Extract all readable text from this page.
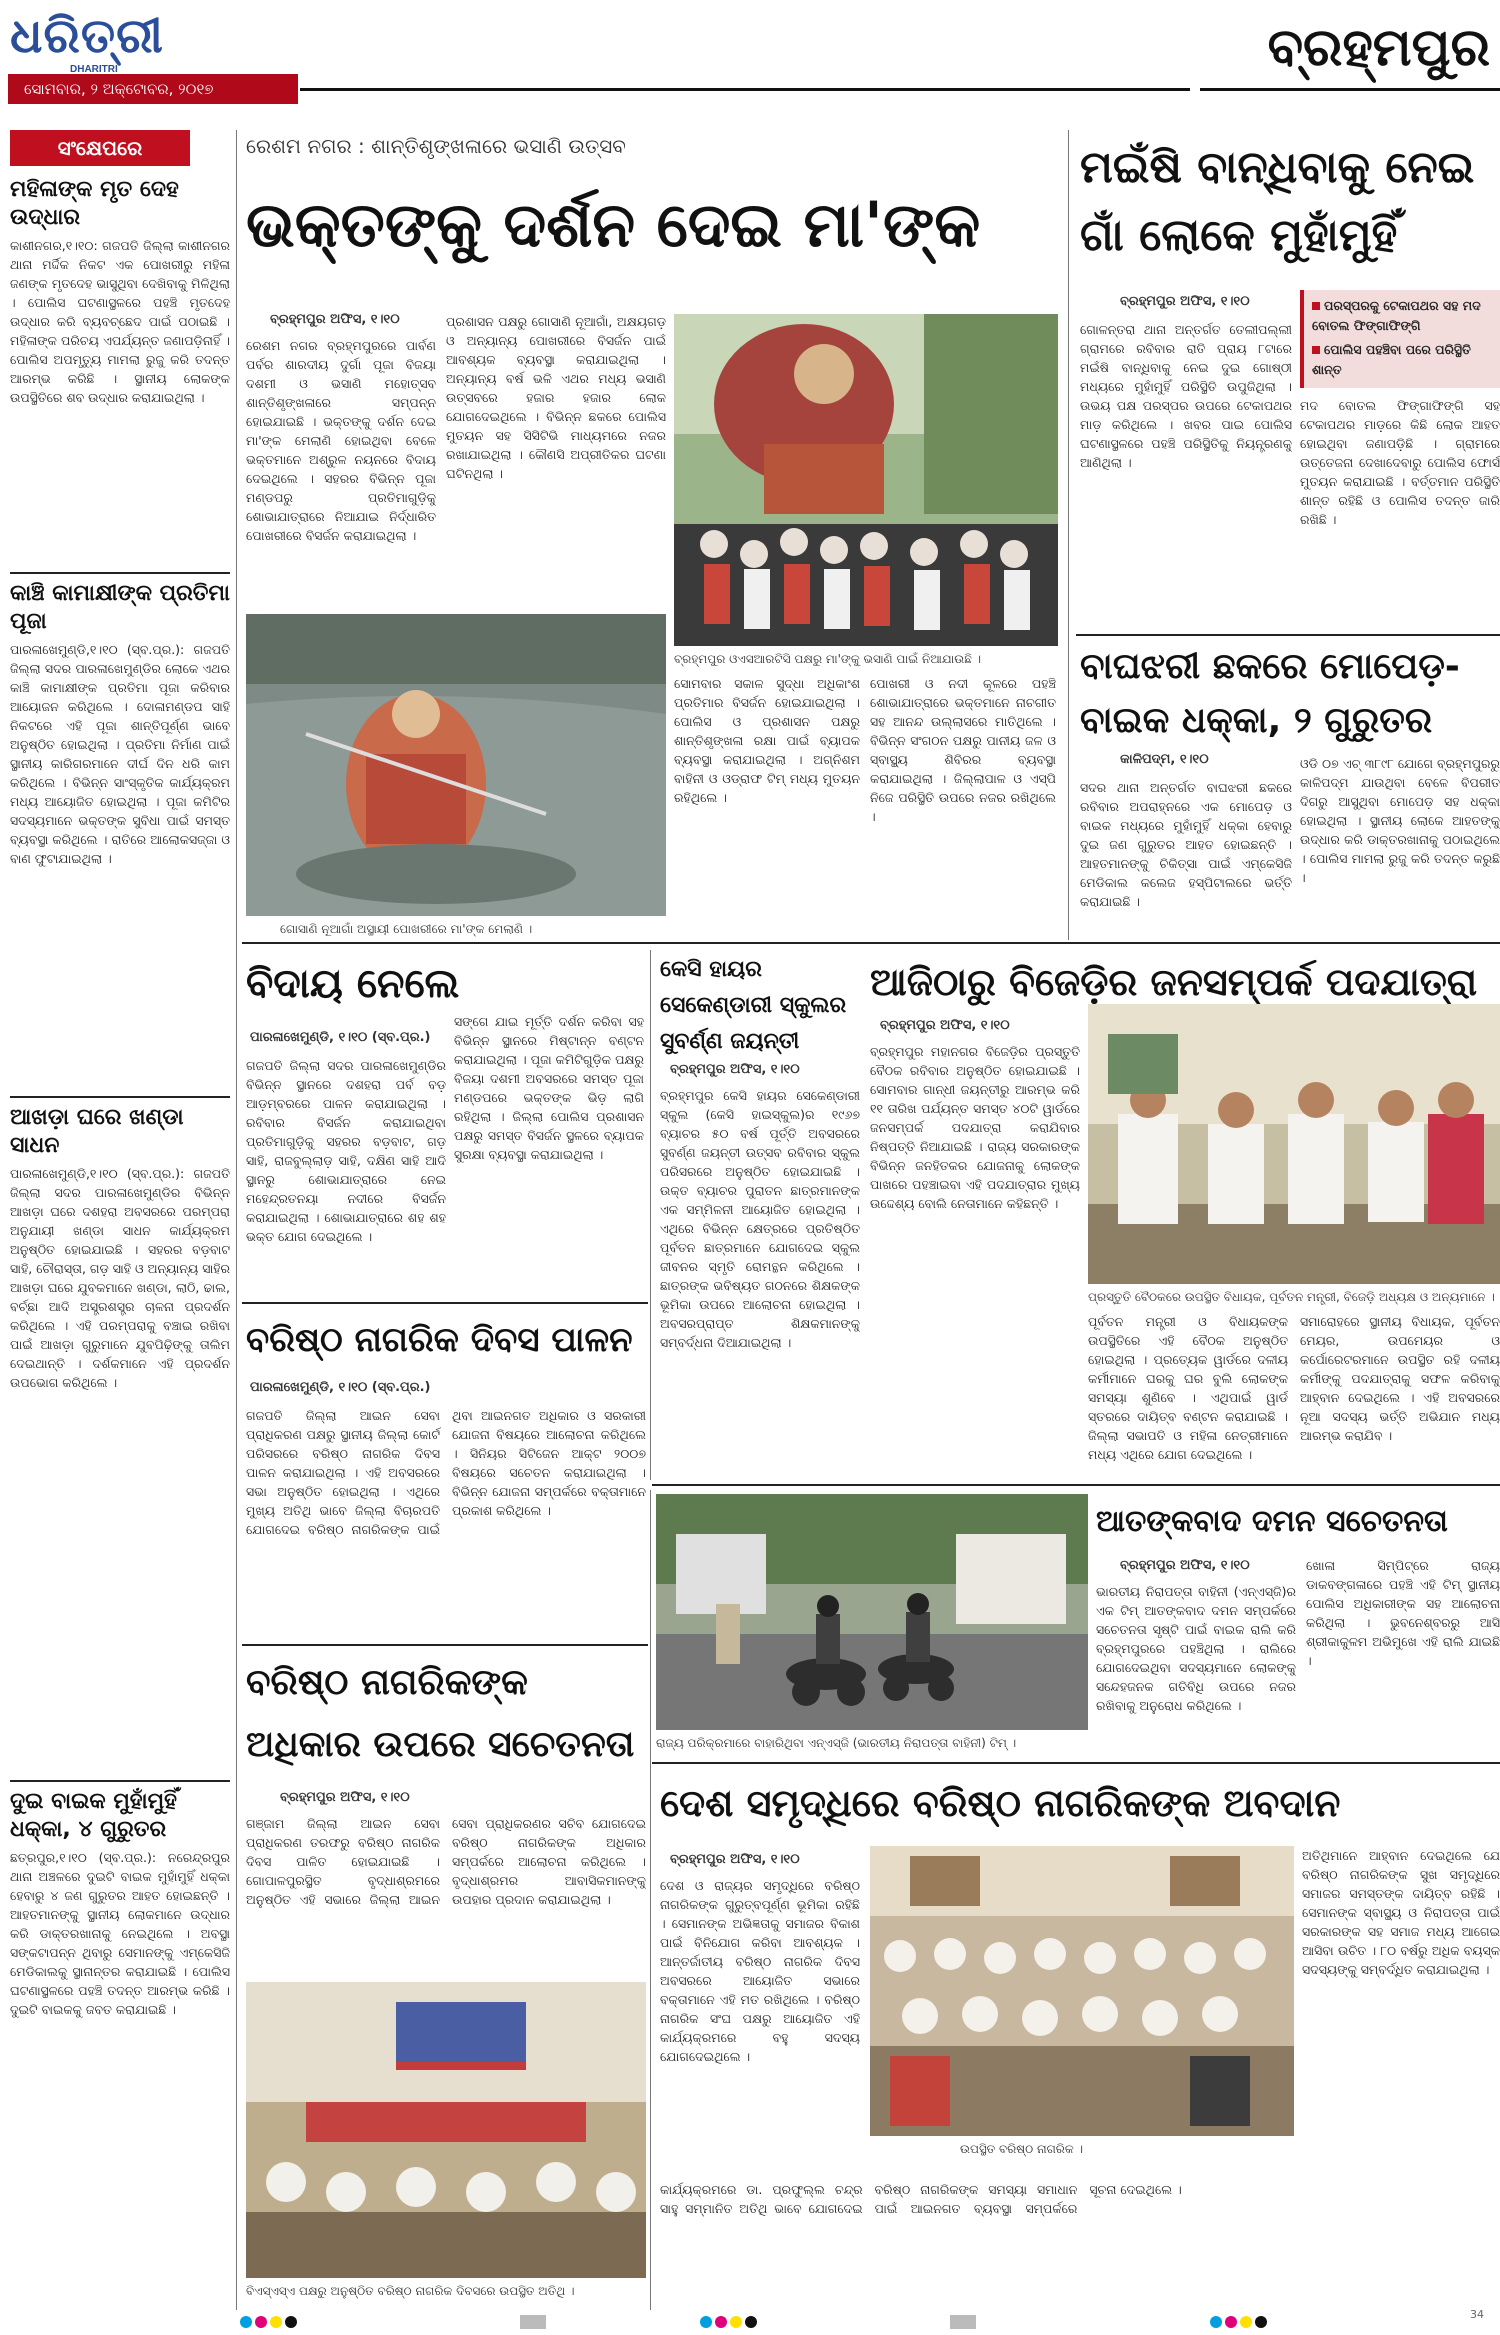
ଧରିତ୍ରୀ
DHARITRI
ସୋମବାର, ୨ ଅକ୍ଟୋବର, ୨୦୧୭
ବ୍ରହ୍ମପୁର
ସଂକ୍ଷେପରେ
ମହିଳାଙ୍କ ମୃତ ଦେହ ଉଦ୍ଧାର
କାଶୀନଗର,୧।୧୦: ଗଜପତି ଜିଲ୍ଲା କାଶୀନଗର ଥାନା ମର୍ଦ୍ଦିକ ନିକଟ ଏକ ପୋଖରୀରୁ ମହିଳା ଜଣଙ୍କ ମୃତଦେହ ଭାସୁଥିବା ଦେଖିବାକୁ ମିଳିଥିଲା । ପୋଲିସ ଘଟଣାସ୍ଥଳରେ ପହଞ୍ଚି ମୃତଦେହ ଉଦ୍ଧାର କରି ବ୍ୟବଚ୍ଛେଦ ପାଇଁ ପଠାଇଛି । ମହିଳାଙ୍କ ପରିଚୟ ଏପର୍ଯ୍ୟନ୍ତ ଜଣାପଡ଼ିନାହିଁ । ପୋଲିସ ଅପମୃତ୍ୟୁ ମାମଲା ରୁଜୁ କରି ତଦନ୍ତ ଆରମ୍ଭ କରିଛି । ସ୍ଥାନୀୟ ଲୋକଙ୍କ ଉପସ୍ଥିତିରେ ଶବ ଉଦ୍ଧାର କରାଯାଇଥିଲା ।
କାଞ୍ଚି କାମାକ୍ଷୀଙ୍କ ପ୍ରତିମା ପୂଜା
ପାରଳାଖେମୁଣ୍ଡି,୧।୧୦ (ସ୍ବ.ପ୍ର.): ଗଜପତି ଜିଲ୍ଲା ସଦର ପାରଳାଖେମୁଣ୍ଡିର ଲୋକେ ଏଥର କାଞ୍ଚି କାମାକ୍ଷୀଙ୍କ ପ୍ରତିମା ପୂଜା କରିବାର ଆୟୋଜନ କରିଥିଲେ । ଦୋଳାମଣ୍ଡପ ସାହି ନିକଟରେ ଏହି ପୂଜା ଶାନ୍ତିପୂର୍ଣ୍ଣ ଭାବେ ଅନୁଷ୍ଠିତ ହୋଇଥିଲା । ପ୍ରତିମା ନିର୍ମାଣ ପାଇଁ ସ୍ଥାନୀୟ କାରିଗରମାନେ ଦୀର୍ଘ ଦିନ ଧରି କାମ କରିଥିଲେ । ବିଭିନ୍ନ ସାଂସ୍କୃତିକ କାର୍ଯ୍ୟକ୍ରମ ମଧ୍ୟ ଆୟୋଜିତ ହୋଇଥିଲା । ପୂଜା କମିଟିର ସଦସ୍ୟମାନେ ଭକ୍ତଙ୍କ ସୁବିଧା ପାଇଁ ସମସ୍ତ ବ୍ୟବସ୍ଥା କରିଥିଲେ । ରାତିରେ ଆଲୋକସଜ୍ଜା ଓ ବାଣ ଫୁଟାଯାଇଥିଲା ।
ଆଖଡ଼ା ଘରେ ଖଣ୍ଡା ସାଧନ
ପାରଳାଖେମୁଣ୍ଡି,୧।୧୦ (ସ୍ବ.ପ୍ର.): ଗଜପତି ଜିଲ୍ଲା ସଦର ପାରଳାଖେମୁଣ୍ଡିର ବିଭିନ୍ନ ଆଖଡ଼ା ଘରେ ଦଶହରା ଅବସରରେ ପରମ୍ପରା ଅନୁଯାୟୀ ଖଣ୍ଡା ସାଧନ କାର୍ଯ୍ୟକ୍ରମ ଅନୁଷ୍ଠିତ ହୋଇଯାଇଛି । ସହରର ବଡ଼ବାଟ ସାହି, ଚୌରାସ୍ତା, ଗଡ଼ ସାହି ଓ ଅନ୍ୟାନ୍ୟ ସାହିର ଆଖଡ଼ା ଘରେ ଯୁବକମାନେ ଖଣ୍ଡା, ଲାଠି, ଢାଲ, ବର୍ଚ୍ଛା ଆଦି ଅସ୍ତ୍ରଶସ୍ତ୍ର ଚାଳନା ପ୍ରଦର୍ଶନ କରିଥିଲେ । ଏହି ପରମ୍ପରାକୁ ବଞ୍ଚାଇ ରଖିବା ପାଇଁ ଆଖଡ଼ା ଗୁରୁମାନେ ଯୁବପିଢ଼ିଙ୍କୁ ତାଲିମ ଦେଇଥାନ୍ତି । ଦର୍ଶକମାନେ ଏହି ପ୍ରଦର୍ଶନ ଉପଭୋଗ କରିଥିଲେ ।
ଦୁଇ ବାଇକ ମୁହାଁମୁହିଁ ଧକ୍କା, ୪ ଗୁରୁତର
ଛତ୍ରପୁର,୧।୧୦ (ସ୍ବ.ପ୍ର.): ନରେନ୍ଦ୍ରପୁର ଥାନା ଅଞ୍ଚଳରେ ଦୁଇଟି ବାଇକ ମୁହାଁମୁହିଁ ଧକ୍କା ହେବାରୁ ୪ ଜଣ ଗୁରୁତର ଆହତ ହୋଇଛନ୍ତି । ଆହତମାନଙ୍କୁ ସ୍ଥାନୀୟ ଲୋକମାନେ ଉଦ୍ଧାର କରି ଡାକ୍ତରଖାନାକୁ ନେଇଥିଲେ । ଅବସ୍ଥା ସଙ୍କଟାପନ୍ନ ଥିବାରୁ ସେମାନଙ୍କୁ ଏମ୍‌କେସିଜି ମେଡିକାଲକୁ ସ୍ଥାନାନ୍ତର କରାଯାଇଛି । ପୋଲିସ ଘଟଣାସ୍ଥଳରେ ପହଞ୍ଚି ତଦନ୍ତ ଆରମ୍ଭ କରିଛି । ଦୁଇଟି ବାଇକକୁ ଜବତ କରାଯାଇଛି ।
ରେଶମ ନଗର : ଶାନ୍ତିଶୃଙ୍ଖଳାରେ ଭସାଣି ଉତ୍ସବ
ଭକ୍ତଙ୍କୁ ଦର୍ଶନ ଦେଇ ମା'ଙ୍କ
ବ୍ରହ୍ମପୁର ଅଫିସ, ୧।୧୦
ରେଶମ ନଗର ବ୍ରହ୍ମପୁରରେ ପାର୍ବଣ ପର୍ବର ଶାରଦୀୟ ଦୁର୍ଗା ପୂଜା ବିଜୟା ଦଶମୀ ଓ ଭସାଣି ମହୋତ୍ସବ ଶାନ୍ତିଶୃଙ୍ଖଳାରେ ସମ୍ପନ୍ନ ହୋଇଯାଇଛି । ଭକ୍ତଙ୍କୁ ଦର୍ଶନ ଦେଇ ମା'ଙ୍କ ମେଲାଣି ହୋଇଥିବା ବେଳେ ଭକ୍ତମାନେ ଅଶ୍ରୁଳ ନୟନରେ ବିଦାୟ ଦେଇଥିଲେ । ସହରର ବିଭିନ୍ନ ପୂଜା ମଣ୍ଡପରୁ ପ୍ରତିମାଗୁଡ଼ିକୁ ଶୋଭାଯାତ୍ରାରେ ନିଆଯାଇ ନିର୍ଦ୍ଧାରିତ ପୋଖରୀରେ ବିସର୍ଜନ କରାଯାଇଥିଲା ।
ପ୍ରଶାସନ ପକ୍ଷରୁ ଗୋସାଣି ନୂଆଗାଁ, ଅକ୍ଷୟଗଡ଼ ଓ ଅନ୍ୟାନ୍ୟ ପୋଖରୀରେ ବିସର୍ଜନ ପାଇଁ ଆବଶ୍ୟକ ବ୍ୟବସ୍ଥା କରାଯାଇଥିଲା । ଅନ୍ୟାନ୍ୟ ବର୍ଷ ଭଳି ଏଥର ମଧ୍ୟ ଭସାଣି ଉତ୍ସବରେ ହଜାର ହଜାର ଲୋକ ଯୋଗଦେଇଥିଲେ । ବିଭିନ୍ନ ଛକରେ ପୋଲିସ ମୁତୟନ ସହ ସିସିଟିଭି ମାଧ୍ୟମରେ ନଜର ରଖାଯାଇଥିଲା । କୌଣସି ଅପ୍ରୀତିକର ଘଟଣା ଘଟିନଥିଲା ।
ବ୍ରହ୍ମପୁର ଓଏସଆରଟିସି ପକ୍ଷରୁ ମା'ଙ୍କୁ ଭସାଣି ପାଇଁ ନିଆଯାଉଛି ।
ଗୋସାଣି ନୂଆଗାଁ ଅସ୍ଥାୟୀ ପୋଖରୀରେ ମା'ଙ୍କ ମେଲାଣି ।
ସୋମବାର ସକାଳ ସୁଦ୍ଧା ଅଧିକାଂଶ ପ୍ରତିମାର ବିସର୍ଜନ ହୋଇଯାଇଥିଲା । ପୋଲିସ ଓ ପ୍ରଶାସନ ପକ୍ଷରୁ ଶାନ୍ତିଶୃଙ୍ଖଳା ରକ୍ଷା ପାଇଁ ବ୍ୟାପକ ବ୍ୟବସ୍ଥା କରାଯାଇଥିଲା । ଅଗ୍ନିଶମ ବାହିନୀ ଓ ଓଡ୍ରାଫ ଟିମ୍ ମଧ୍ୟ ମୁତୟନ ରହିଥିଲେ ।
ପୋଖରୀ ଓ ନଦୀ କୂଳରେ ପହଞ୍ଚି ଶୋଭାଯାତ୍ରାରେ ଭକ୍ତମାନେ ନାଚଗୀତ ସହ ଆନନ୍ଦ ଉଲ୍ଲାସରେ ମାତିଥିଲେ । ବିଭିନ୍ନ ସଂଗଠନ ପକ୍ଷରୁ ପାନୀୟ ଜଳ ଓ ସ୍ବାସ୍ଥ୍ୟ ଶିବିରର ବ୍ୟବସ୍ଥା କରାଯାଇଥିଲା । ଜିଲ୍ଲାପାଳ ଓ ଏସ୍‌ପି ନିଜେ ପରିସ୍ଥିତି ଉପରେ ନଜର ରଖିଥିଲେ ।
ମଇଁଷି ବାନ୍ଧିବାକୁ ନେଇ ଗାଁ ଲୋକେ ମୁହାଁମୁହିଁ
ବ୍ରହ୍ମପୁର ଅଫିସ, ୧।୧୦	ପରସ୍ପରକୁ ଟେକାପଥର ସହ ମଦ ବୋତଲ ଫିଙ୍ଗାଫିଙ୍ଗି

ପୋଲିସ ପହଞ୍ଚିବା ପରେ ପରିସ୍ଥିତି ଶାନ୍ତ

ଗୋଳନ୍ତରା ଥାନା ଅନ୍ତର୍ଗତ ତେଲୀପଲ୍ଲୀ ଗ୍ରାମରେ ରବିବାର ରାତି ପ୍ରାୟ ୮ଟାରେ ମଇଁଷି ବାନ୍ଧିବାକୁ ନେଇ ଦୁଇ ଗୋଷ୍ଠୀ ମଧ୍ୟରେ ମୁହାଁମୁହିଁ ପରିସ୍ଥିତି ଉପୁଜିଥିଲା । ଉଭୟ ପକ୍ଷ ପରସ୍ପର ଉପରେ ଟେକାପଥର ମାଡ଼ କରିଥିଲେ । ଖବର ପାଇ ପୋଲିସ ଘଟଣାସ୍ଥଳରେ ପହଞ୍ଚି ପରିସ୍ଥିତିକୁ ନିୟନ୍ତ୍ରଣକୁ ଆଣିଥିଲା ।
ମଦ ବୋତଲ ଫିଙ୍ଗାଫିଙ୍ଗି ସହ ଟେକାପଥର ମାଡ଼ରେ କିଛି ଲୋକ ଆହତ ହୋଇଥିବା ଜଣାପଡ଼ିଛି । ଗ୍ରାମରେ ଉତ୍ତେଜନା ଦେଖାଦେବାରୁ ପୋଲିସ ଫୋର୍ସ ମୁତୟନ କରାଯାଇଛି । ବର୍ତ୍ତମାନ ପରିସ୍ଥିତି ଶାନ୍ତ ରହିଛି ଓ ପୋଲିସ ତଦନ୍ତ ଜାରି ରଖିଛି ।
ବାଘଝରୀ ଛକରେ ମୋପେଡ଼-ବାଇକ ଧକ୍କା, ୨ ଗୁରୁତର
କାଳିପଦ୍ମ, ୧।୧୦
ସଦର ଥାନା ଅନ୍ତର୍ଗତ ବାଘଝରୀ ଛକରେ ରବିବାର ଅପରାହ୍ନରେ ଏକ ମୋପେଡ଼ ଓ ବାଇକ ମଧ୍ୟରେ ମୁହାଁମୁହିଁ ଧକ୍କା ହେବାରୁ ଦୁଇ ଜଣ ଗୁରୁତର ଆହତ ହୋଇଛନ୍ତି । ଆହତମାନଙ୍କୁ ଚିକିତ୍ସା ପାଇଁ ଏମ୍‌କେସିଜି ମେଡିକାଲ କଲେଜ ହସ୍ପିଟାଲରେ ଭର୍ତ୍ତି କରାଯାଇଛି ।
ଓଡି ୦୭ ଏଚ୍ ୩୮୯୮ ଯୋଗେ ବ୍ରହ୍ମପୁରରୁ କାଳିପଦ୍ମ ଯାଉଥିବା ବେଳେ ବିପରୀତ ଦିଗରୁ ଆସୁଥିବା ମୋପେଡ଼ ସହ ଧକ୍କା ହୋଇଥିଲା । ସ୍ଥାନୀୟ ଲୋକେ ଆହତଙ୍କୁ ଉଦ୍ଧାର କରି ଡାକ୍ତରଖାନାକୁ ପଠାଇଥିଲେ । ପୋଲିସ ମାମଲା ରୁଜୁ କରି ତଦନ୍ତ କରୁଛି ।
ବିଦାୟ ନେଲେ
ପାରଳାଖେମୁଣ୍ଡି, ୧।୧୦ (ସ୍ବ.ପ୍ର.)
ଗଜପତି ଜିଲ୍ଲା ସଦର ପାରଳାଖେମୁଣ୍ଡିର ବିଭିନ୍ନ ସ୍ଥାନରେ ଦଶହରା ପର୍ବ ବଡ଼ ଆଡ଼ମ୍ବରରେ ପାଳନ କରାଯାଇଥିଲା । ରବିବାର ବିସର୍ଜନ କରାଯାଇଥିବା ପ୍ରତିମାଗୁଡ଼ିକୁ ସହରର ବଡ଼ବାଟ, ଗଡ଼ ସାହି, ରାଜବୁଲ୍ଲାଡ଼ ସାହି, ଦକ୍ଷିଣ ସାହି ଆଦି ସ୍ଥାନରୁ ଶୋଭାଯାତ୍ରାରେ ନେଇ ମହେନ୍ଦ୍ରତନୟା ନଦୀରେ ବିସର୍ଜନ କରାଯାଇଥିଲା । ଶୋଭାଯାତ୍ରାରେ ଶହ ଶହ ଭକ୍ତ ଯୋଗ ଦେଇଥିଲେ ।
ସଙ୍ଗେ ଯାଇ ମୂର୍ତ୍ତି ଦର୍ଶନ କରିବା ସହ ବିଭିନ୍ନ ସ୍ଥାନରେ ମିଷ୍ଟାନ୍ନ ବଣ୍ଟନ କରାଯାଇଥିଲା । ପୂଜା କମିଟିଗୁଡ଼ିକ ପକ୍ଷରୁ ବିଜୟା ଦଶମୀ ଅବସରରେ ସମସ୍ତ ପୂଜା ମଣ୍ଡପରେ ଭକ୍ତଙ୍କ ଭିଡ଼ ଲାଗି ରହିଥିଲା । ଜିଲ୍ଲା ପୋଲିସ ପ୍ରଶାସନ ପକ୍ଷରୁ ସମସ୍ତ ବିସର୍ଜନ ସ୍ଥଳରେ ବ୍ୟାପକ ସୁରକ୍ଷା ବ୍ୟବସ୍ଥା କରାଯାଇଥିଲା ।
କେସି ହାୟର ସେକେଣ୍ଡାରୀ ସ୍କୁଲର ସୁବର୍ଣ୍ଣ ଜୟନ୍ତୀ
ବ୍ରହ୍ମପୁର ଅଫିସ, ୧।୧୦
ବ୍ରହ୍ମପୁର କେସି ହାୟର ସେକେଣ୍ଡାରୀ ସ୍କୁଲ (କେସି ହାଇସ୍କୁଲ)ର ୧୯୬୭ ବ୍ୟାଚର ୫୦ ବର୍ଷ ପୂର୍ତ୍ତି ଅବସରରେ ସୁବର୍ଣ୍ଣ ଜୟନ୍ତୀ ଉତ୍ସବ ରବିବାର ସ୍କୁଲ ପରିସରରେ ଅନୁଷ୍ଠିତ ହୋଇଯାଇଛି । ଉକ୍ତ ବ୍ୟାଚର ପୁରାତନ ଛାତ୍ରମାନଙ୍କ ଏକ ସମ୍ମିଳନୀ ଆୟୋଜିତ ହୋଇଥିଲା । ଏଥିରେ ବିଭିନ୍ନ କ୍ଷେତ୍ରରେ ପ୍ରତିଷ୍ଠିତ ପୂର୍ବତନ ଛାତ୍ରମାନେ ଯୋଗଦେଇ ସ୍କୁଲ ଜୀବନର ସ୍ମୃତି ରୋମନ୍ଥନ କରିଥିଲେ । ଛାତ୍ରଙ୍କ ଭବିଷ୍ୟତ ଗଠନରେ ଶିକ୍ଷକଙ୍କ ଭୂମିକା ଉପରେ ଆଲୋଚନା ହୋଇଥିଲା । ଅବସରପ୍ରାପ୍ତ ଶିକ୍ଷକମାନଙ୍କୁ ସମ୍ବର୍ଦ୍ଧନା ଦିଆଯାଇଥିଲା ।
ଆଜିଠାରୁ ବିଜେଡ଼ିର ଜନସମ୍ପର୍କ ପଦଯାତ୍ରା
ବ୍ରହ୍ମପୁର ଅଫିସ, ୧।୧୦
ବ୍ରହ୍ମପୁର ମହାନଗର ବିଜେଡ଼ିର ପ୍ରସ୍ତୁତି ବୈଠକ ରବିବାର ଅନୁଷ୍ଠିତ ହୋଇଯାଇଛି । ସୋମବାର ଗାନ୍ଧୀ ଜୟନ୍ତୀରୁ ଆରମ୍ଭ କରି ୧୧ ତାରିଖ ପର୍ଯ୍ୟନ୍ତ ସମସ୍ତ ୪୦ଟି ୱାର୍ଡରେ ଜନସମ୍ପର୍କ ପଦଯାତ୍ରା କରାଯିବାର ନିଷ୍ପତ୍ତି ନିଆଯାଇଛି । ରାଜ୍ୟ ସରକାରଙ୍କ ବିଭିନ୍ନ ଜନହିତକର ଯୋଜନାକୁ ଲୋକଙ୍କ ପାଖରେ ପହଞ୍ଚାଇବା ଏହି ପଦଯାତ୍ରାର ମୁଖ୍ୟ ଉଦ୍ଦେଶ୍ୟ ବୋଲି ନେତାମାନେ କହିଛନ୍ତି ।
ପ୍ରସ୍ତୁତି ବୈଠକରେ ଉପସ୍ଥିତ ବିଧାୟକ, ପୂର୍ବତନ ମନ୍ତ୍ରୀ, ବିଜେଡ଼ି ଅଧ୍ୟକ୍ଷ ଓ ଅନ୍ୟମାନେ ।
ପୂର୍ବତନ ମନ୍ତ୍ରୀ ଓ ବିଧାୟକଙ୍କ ଉପସ୍ଥିତିରେ ଏହି ବୈଠକ ଅନୁଷ୍ଠିତ ହୋଇଥିଲା । ପ୍ରତ୍ୟେକ ୱାର୍ଡରେ ଦଳୀୟ କର୍ମୀମାନେ ଘରକୁ ଘର ବୁଲି ଲୋକଙ୍କ ସମସ୍ୟା ଶୁଣିବେ । ଏଥିପାଇଁ ୱାର୍ଡ ସ୍ତରରେ ଦାୟିତ୍ବ ବଣ୍ଟନ କରାଯାଇଛି । ଜିଲ୍ଲା ସଭାପତି ଓ ମହିଳା ନେତ୍ରୀମାନେ ମଧ୍ୟ ଏଥିରେ ଯୋଗ ଦେଇଥିଲେ ।
ସମାରୋହରେ ସ୍ଥାନୀୟ ବିଧାୟକ, ପୂର୍ବତନ ମେୟର, ଉପମେୟର ଓ କର୍ପୋରେଟରମାନେ ଉପସ୍ଥିତ ରହି ଦଳୀୟ କର୍ମୀଙ୍କୁ ପଦଯାତ୍ରାକୁ ସଫଳ କରିବାକୁ ଆହ୍ବାନ ଦେଇଥିଲେ । ଏହି ଅବସରରେ ନୂଆ ସଦସ୍ୟ ଭର୍ତ୍ତି ଅଭିଯାନ ମଧ୍ୟ ଆରମ୍ଭ କରାଯିବ ।
ବରିଷ୍ଠ ନାଗରିକ ଦିବସ ପାଳନ
ପାରଳାଖେମୁଣ୍ଡି, ୧।୧୦ (ସ୍ବ.ପ୍ର.)
ଗଜପତି ଜିଲ୍ଲା ଆଇନ ସେବା ପ୍ରାଧିକରଣ ପକ୍ଷରୁ ସ୍ଥାନୀୟ ଜିଲ୍ଲା କୋର୍ଟ ପରିସରରେ ବରିଷ୍ଠ ନାଗରିକ ଦିବସ ପାଳନ କରାଯାଇଥିଲା । ଏହି ଅବସରରେ ସଭା ଅନୁଷ୍ଠିତ ହୋଇଥିଲା । ଏଥିରେ ମୁଖ୍ୟ ଅତିଥି ଭାବେ ଜିଲ୍ଲା ବିଚାରପତି ଯୋଗଦେଇ ବରିଷ୍ଠ ନାଗରିକଙ୍କ ପାଇଁ ଥିବା ଆଇନଗତ ଅଧିକାର ଓ ସରକାରୀ ଯୋଜନା ବିଷୟରେ ଆଲୋଚନା କରିଥିଲେ । ସିନିୟର ସିଟିଜେନ ଆକ୍ଟ ୨୦୦୭ ବିଷୟରେ ସଚେତନ କରାଯାଇଥିଲା । ବିଭିନ୍ନ ଯୋଜନା ସମ୍ପର୍କରେ ବକ୍ତାମାନେ ପ୍ରକାଶ କରିଥିଲେ ।
ରାଜ୍ୟ ପରିକ୍ରମାରେ ବାହାରିଥିବା ଏନ୍‌ଏସ୍‌ଜି (ଭାରତୀୟ ନିରାପତ୍ତା ବାହିନୀ) ଟିମ୍ ।
ଆତଙ୍କବାଦ ଦମନ ସଚେତନତା
ବ୍ରହ୍ମପୁର ଅଫିସ, ୧।୧୦
ଭାରତୀୟ ନିରାପତ୍ତା ବାହିନୀ (ଏନ୍‌ଏସ୍‌ଜି)ର ଏକ ଟିମ୍ ଆତଙ୍କବାଦ ଦମନ ସମ୍ପର୍କରେ ସଚେତନତା ସୃଷ୍ଟି ପାଇଁ ବାଇକ ରାଲି କରି ବ୍ରହ୍ମପୁରରେ ପହଞ୍ଚିଥିଲା । ରାଲିରେ ଯୋଗଦେଇଥିବା ସଦସ୍ୟମାନେ ଲୋକଙ୍କୁ ସନ୍ଦେହଜନକ ଗତିବିଧି ଉପରେ ନଜର ରଖିବାକୁ ଅନୁରୋଧ କରିଥିଲେ ।
ଖୋଳା ସିମ୍ପିଟ୍ରେ ରାଜ୍ୟ ଡାକବଙ୍ଗଳାରେ ପହଞ୍ଚି ଏହି ଟିମ୍ ସ୍ଥାନୀୟ ପୋଲିସ ଅଧିକାରୀଙ୍କ ସହ ଆଲୋଚନା କରିଥିଲା । ଭୁବନେଶ୍ବରରୁ ଆସି ଶ୍ରୀକାକୁଳମ ଅଭିମୁଖେ ଏହି ରାଲି ଯାଇଛି ।
ବରିଷ୍ଠ ନାଗରିକଙ୍କ ଅଧିକାର ଉପରେ ସଚେତନତା
ବ୍ରହ୍ମପୁର ଅଫିସ, ୧।୧୦
ଗଞ୍ଜାମ ଜିଲ୍ଲା ଆଇନ ସେବା ପ୍ରାଧିକରଣ ତରଫରୁ ବରିଷ୍ଠ ନାଗରିକ ଦିବସ ପାଳିତ ହୋଇଯାଇଛି । ଗୋପାଳପୁରସ୍ଥିତ ବୃଦ୍ଧାଶ୍ରମରେ ଅନୁଷ୍ଠିତ ଏହି ସଭାରେ ଜିଲ୍ଲା ଆଇନ ସେବା ପ୍ରାଧିକରଣର ସଚିବ ଯୋଗଦେଇ ବରିଷ୍ଠ ନାଗରିକଙ୍କ ଅଧିକାର ସମ୍ପର୍କରେ ଆଲୋଚନା କରିଥିଲେ । ବୃଦ୍ଧାଶ୍ରମର ଆବାସିକମାନଙ୍କୁ ଉପହାର ପ୍ରଦାନ କରାଯାଇଥିଲା ।
ବିଏସ୍‌ଏସ୍‌ଏ ପକ୍ଷରୁ ଅନୁଷ୍ଠିତ ବରିଷ୍ଠ ନାଗରିକ ଦିବସରେ ଉପସ୍ଥିତ ଅତିଥି ।
ଦେଶ ସମୃଦ୍ଧିରେ ବରିଷ୍ଠ ନାଗରିକଙ୍କ ଅବଦାନ
ବ୍ରହ୍ମପୁର ଅଫିସ, ୧।୧୦
ଦେଶ ଓ ରାଜ୍ୟର ସମୃଦ୍ଧିରେ ବରିଷ୍ଠ ନାଗରିକଙ୍କ ଗୁରୁତ୍ବପୂର୍ଣ୍ଣ ଭୂମିକା ରହିଛି । ସେମାନଙ୍କ ଅଭିଜ୍ଞତାକୁ ସମାଜର ବିକାଶ ପାଇଁ ବିନିଯୋଗ କରିବା ଆବଶ୍ୟକ । ଆନ୍ତର୍ଜାତୀୟ ବରିଷ୍ଠ ନାଗରିକ ଦିବସ ଅବସରରେ ଆୟୋଜିତ ସଭାରେ ବକ୍ତାମାନେ ଏହି ମତ ରଖିଥିଲେ । ବରିଷ୍ଠ ନାଗରିକ ସଂଘ ପକ୍ଷରୁ ଆୟୋଜିତ ଏହି କାର୍ଯ୍ୟକ୍ରମରେ ବହୁ ସଦସ୍ୟ ଯୋଗଦେଇଥିଲେ ।
ଉପସ୍ଥିତ ବରିଷ୍ଠ ନାଗରିକ ।
ଅତିଥିମାନେ ଆହ୍ବାନ ଦେଇଥିଲେ ଯେ ବରିଷ୍ଠ ନାଗରିକଙ୍କ ସୁଖ ସମୃଦ୍ଧିରେ ସମାଜର ସମସ୍ତଙ୍କ ଦାୟିତ୍ବ ରହିଛି । ସେମାନଙ୍କ ସ୍ବାସ୍ଥ୍ୟ ଓ ନିରାପତ୍ତା ପାଇଁ ସରକାରଙ୍କ ସହ ସମାଜ ମଧ୍ୟ ଆଗେଇ ଆସିବା ଉଚିତ । ୮୦ ବର୍ଷରୁ ଅଧିକ ବୟସ୍କ ସଦସ୍ୟଙ୍କୁ ସମ୍ବର୍ଦ୍ଧିତ କରାଯାଇଥିଲା ।
କାର୍ଯ୍ୟକ୍ରମରେ ଡା. ପ୍ରଫୁଲ୍ଲ ଚନ୍ଦ୍ର ସାହୁ ସମ୍ମାନିତ ଅତିଥି ଭାବେ ଯୋଗଦେଇ ବରିଷ୍ଠ ନାଗରିକଙ୍କ ସମସ୍ୟା ସମାଧାନ ପାଇଁ ଆଇନଗତ ବ୍ୟବସ୍ଥା ସମ୍ପର୍କରେ ସୂଚନା ଦେଇଥିଲେ ।
34
